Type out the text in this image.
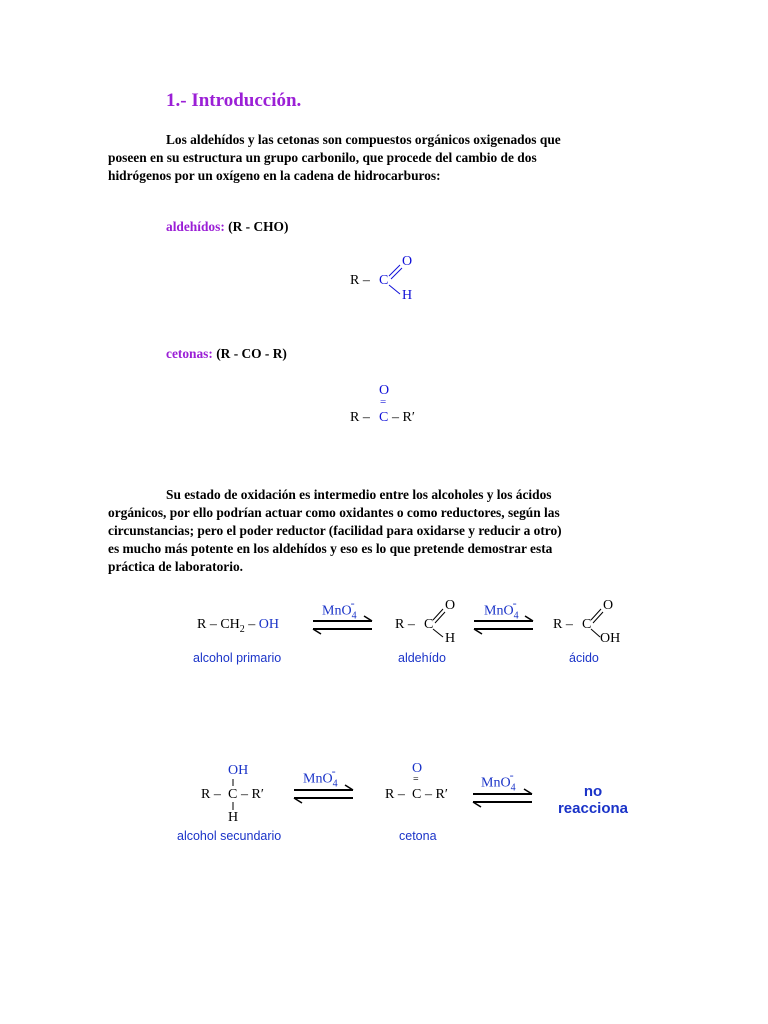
1.- Introducción.

Los aldehídos y las cetonas son compuestos orgánicos oxigenados que

poseen en su estructura un grupo carbonilo, que procede del cambio de dos

hidrógenos por un oxígeno en la cadena de hidrocarburos:

aldehídos: (R - CHO)
R – C
O
H
cetonas: (R - CO - R)
O
=
R – C – R′

Su estado de oxidación es intermedio entre los alcoholes y los ácidos

orgánicos, por ello podrían actuar como oxidantes o como reductores, según las

circunstancias; pero el poder reductor (facilidad para oxidarse y reducir a otro)

es mucho más potente en los aldehídos y eso es lo que pretende demostrar esta

práctica de laboratorio.

R – $CH_2$ – OH
alcohol primario
MnO$_4$-
R – C
O
H
aldehído
MnO$_4$-
R – C
O
OH
ácido
OH
R – C – R′
H
alcohol secundario
MnO$_4$-	O
=
R – C – R′
cetona
MnO$_4$-
no
reacciona
